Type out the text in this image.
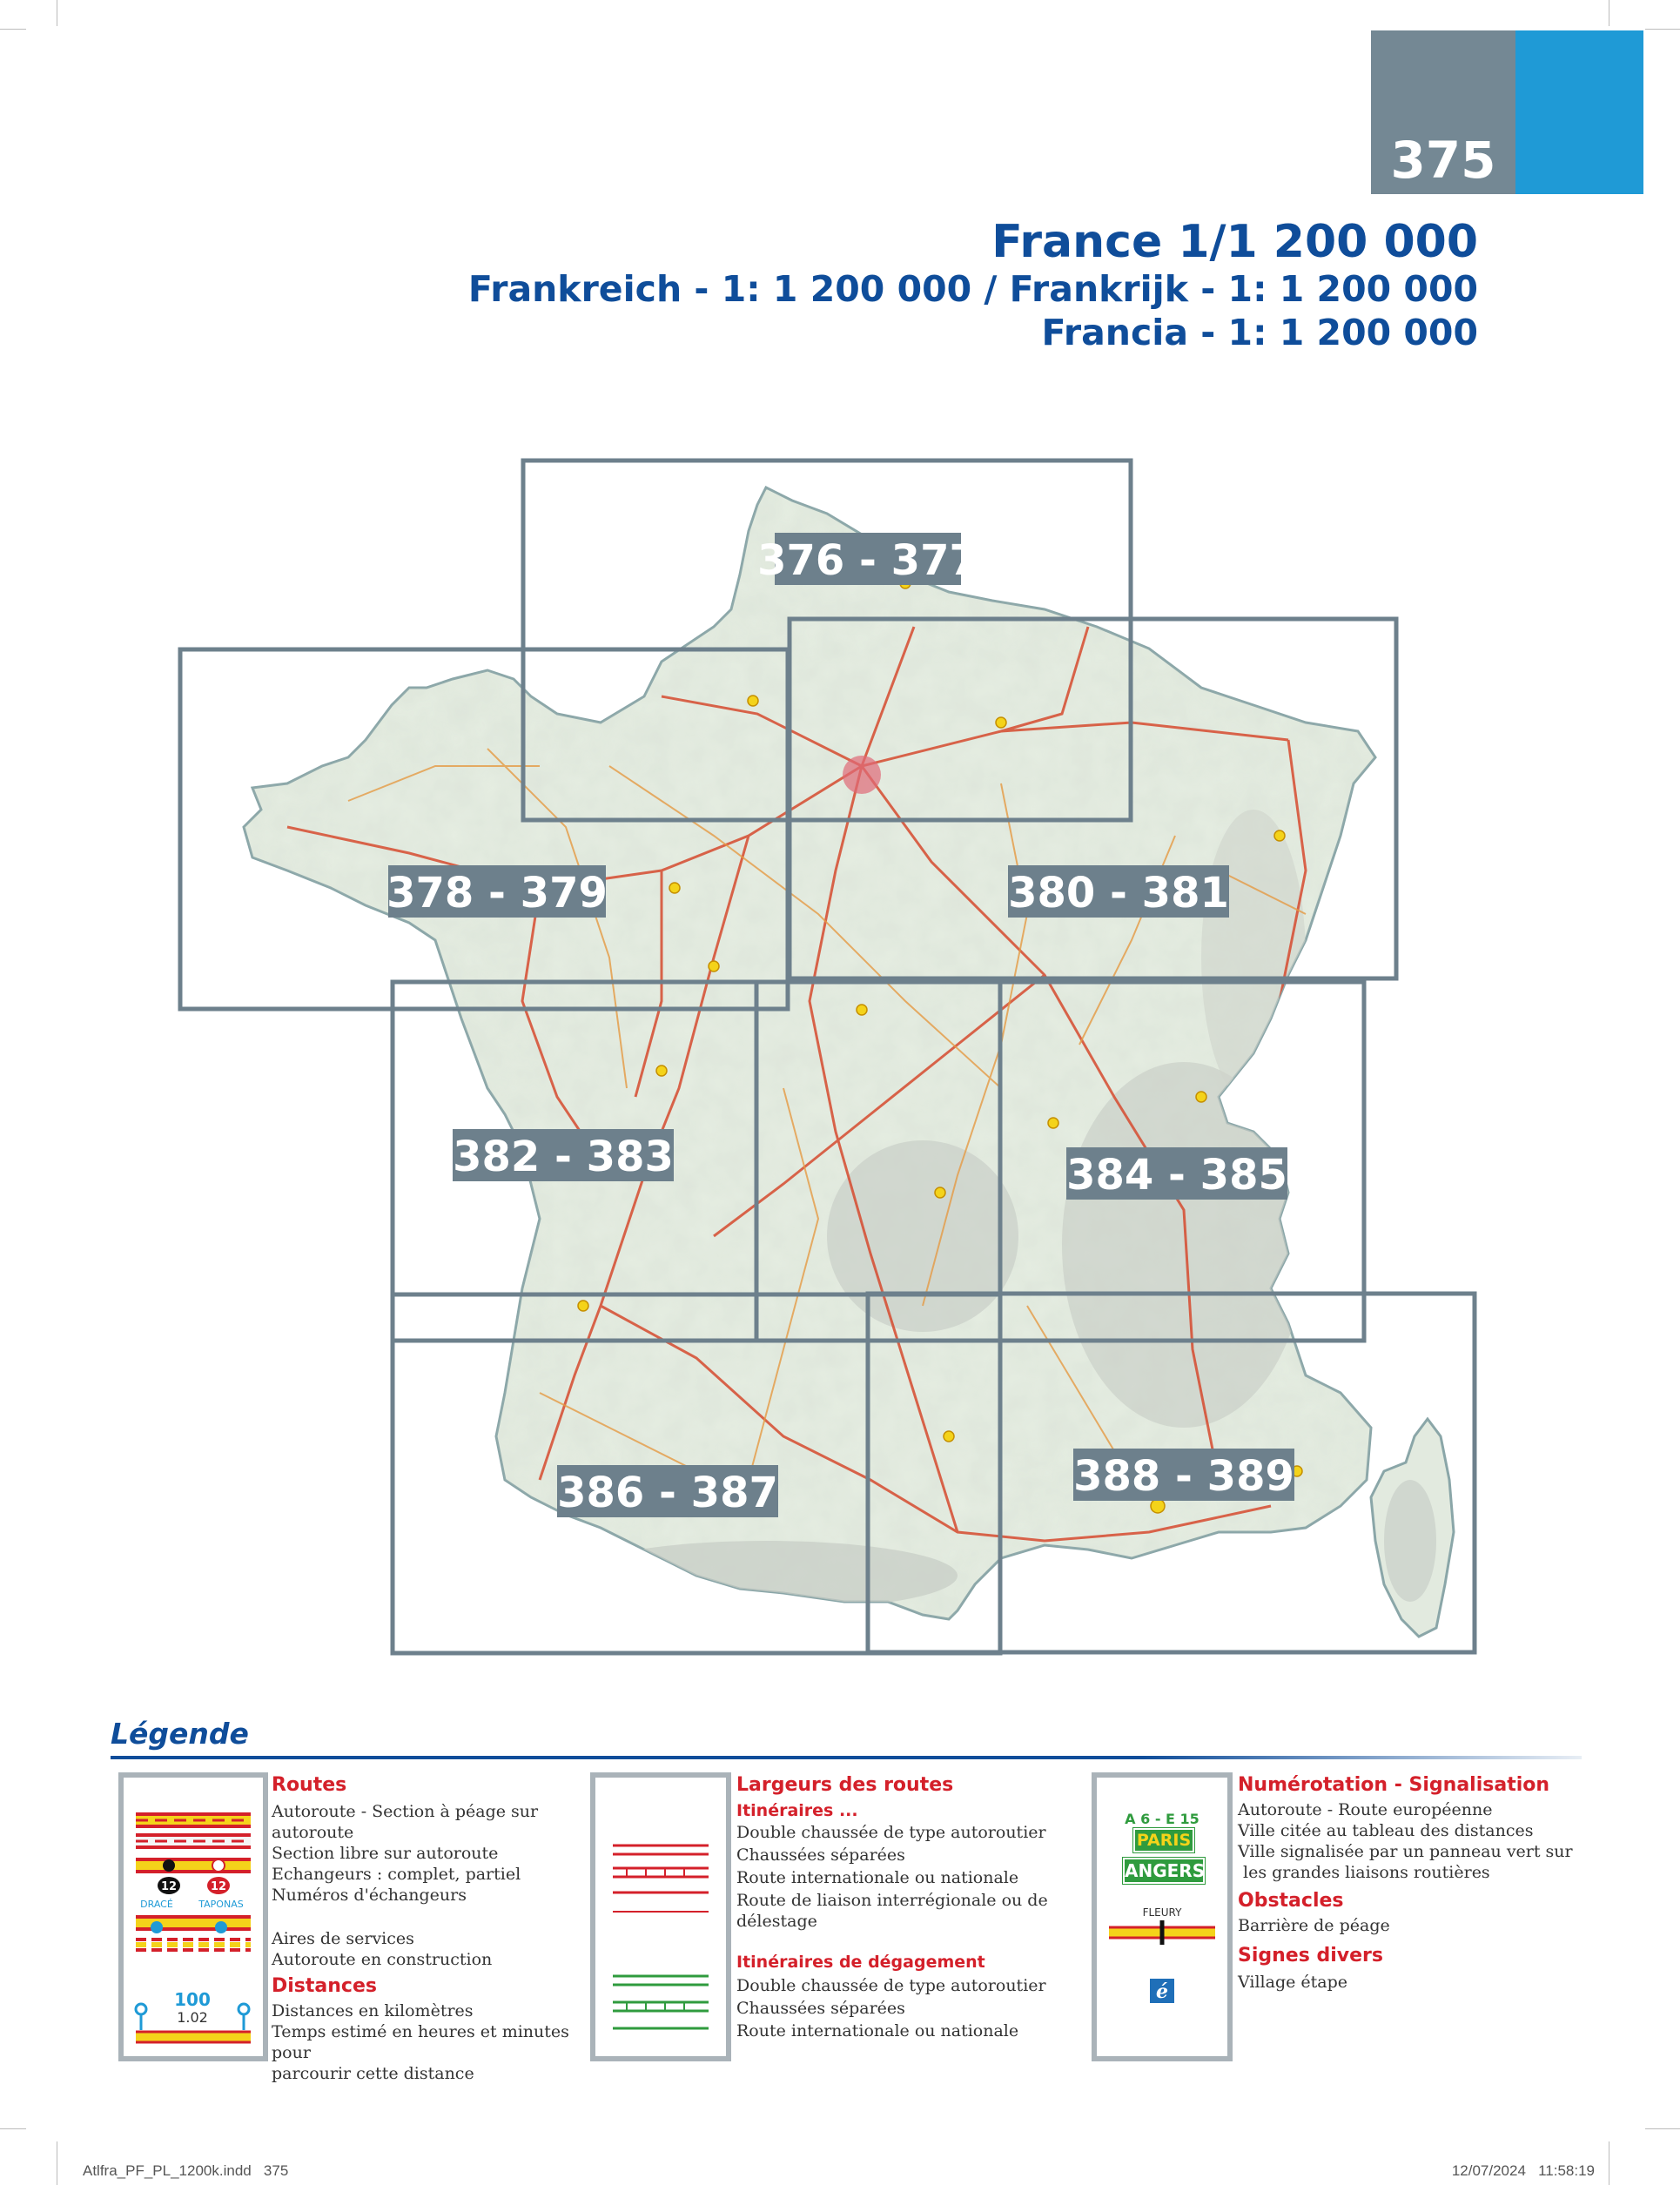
375
France 1/1 200 000
Frankreich - 1: 1 200 000 / Frankrijk - 1: 1 200 000
Francia - 1: 1 200 000
376 - 377
378 - 379	380 - 381
382 - 383	384 - 385
386 - 387	388 - 389
Légende
12	12
DRACÉ	TAPONAS
100
1.02
Routes
Autoroute - Section à péage sur autoroute
Section libre sur autoroute
Echangeurs : complet, partiel
Numéros d'échangeurs
Aires de services
Autoroute en construction
Distances
Distances en kilomètres
Temps estimé en heures et minutes pour
parcourir cette distance
Largeurs des routes
Itinéraires ...
Double chaussée de type autoroutier
Chaussées séparées
Route internationale ou nationale
Route de liaison interrégionale ou de délestage
Itinéraires de dégagement
Double chaussée de type autoroutier
Chaussées séparées
Route internationale ou nationale
A 6 - E 15
PARIS
ANGERS
FLEURY
é
Numérotation - Signalisation
Autoroute - Route européenne
Ville citée au tableau des distances
Ville signalisée par un panneau vert sur
les grandes liaisons routières
Obstacles
Barrière de péage
Signes divers
Village étape
Atlfra_PF_PL_1200k.indd   375	12/07/2024   11:58:19
